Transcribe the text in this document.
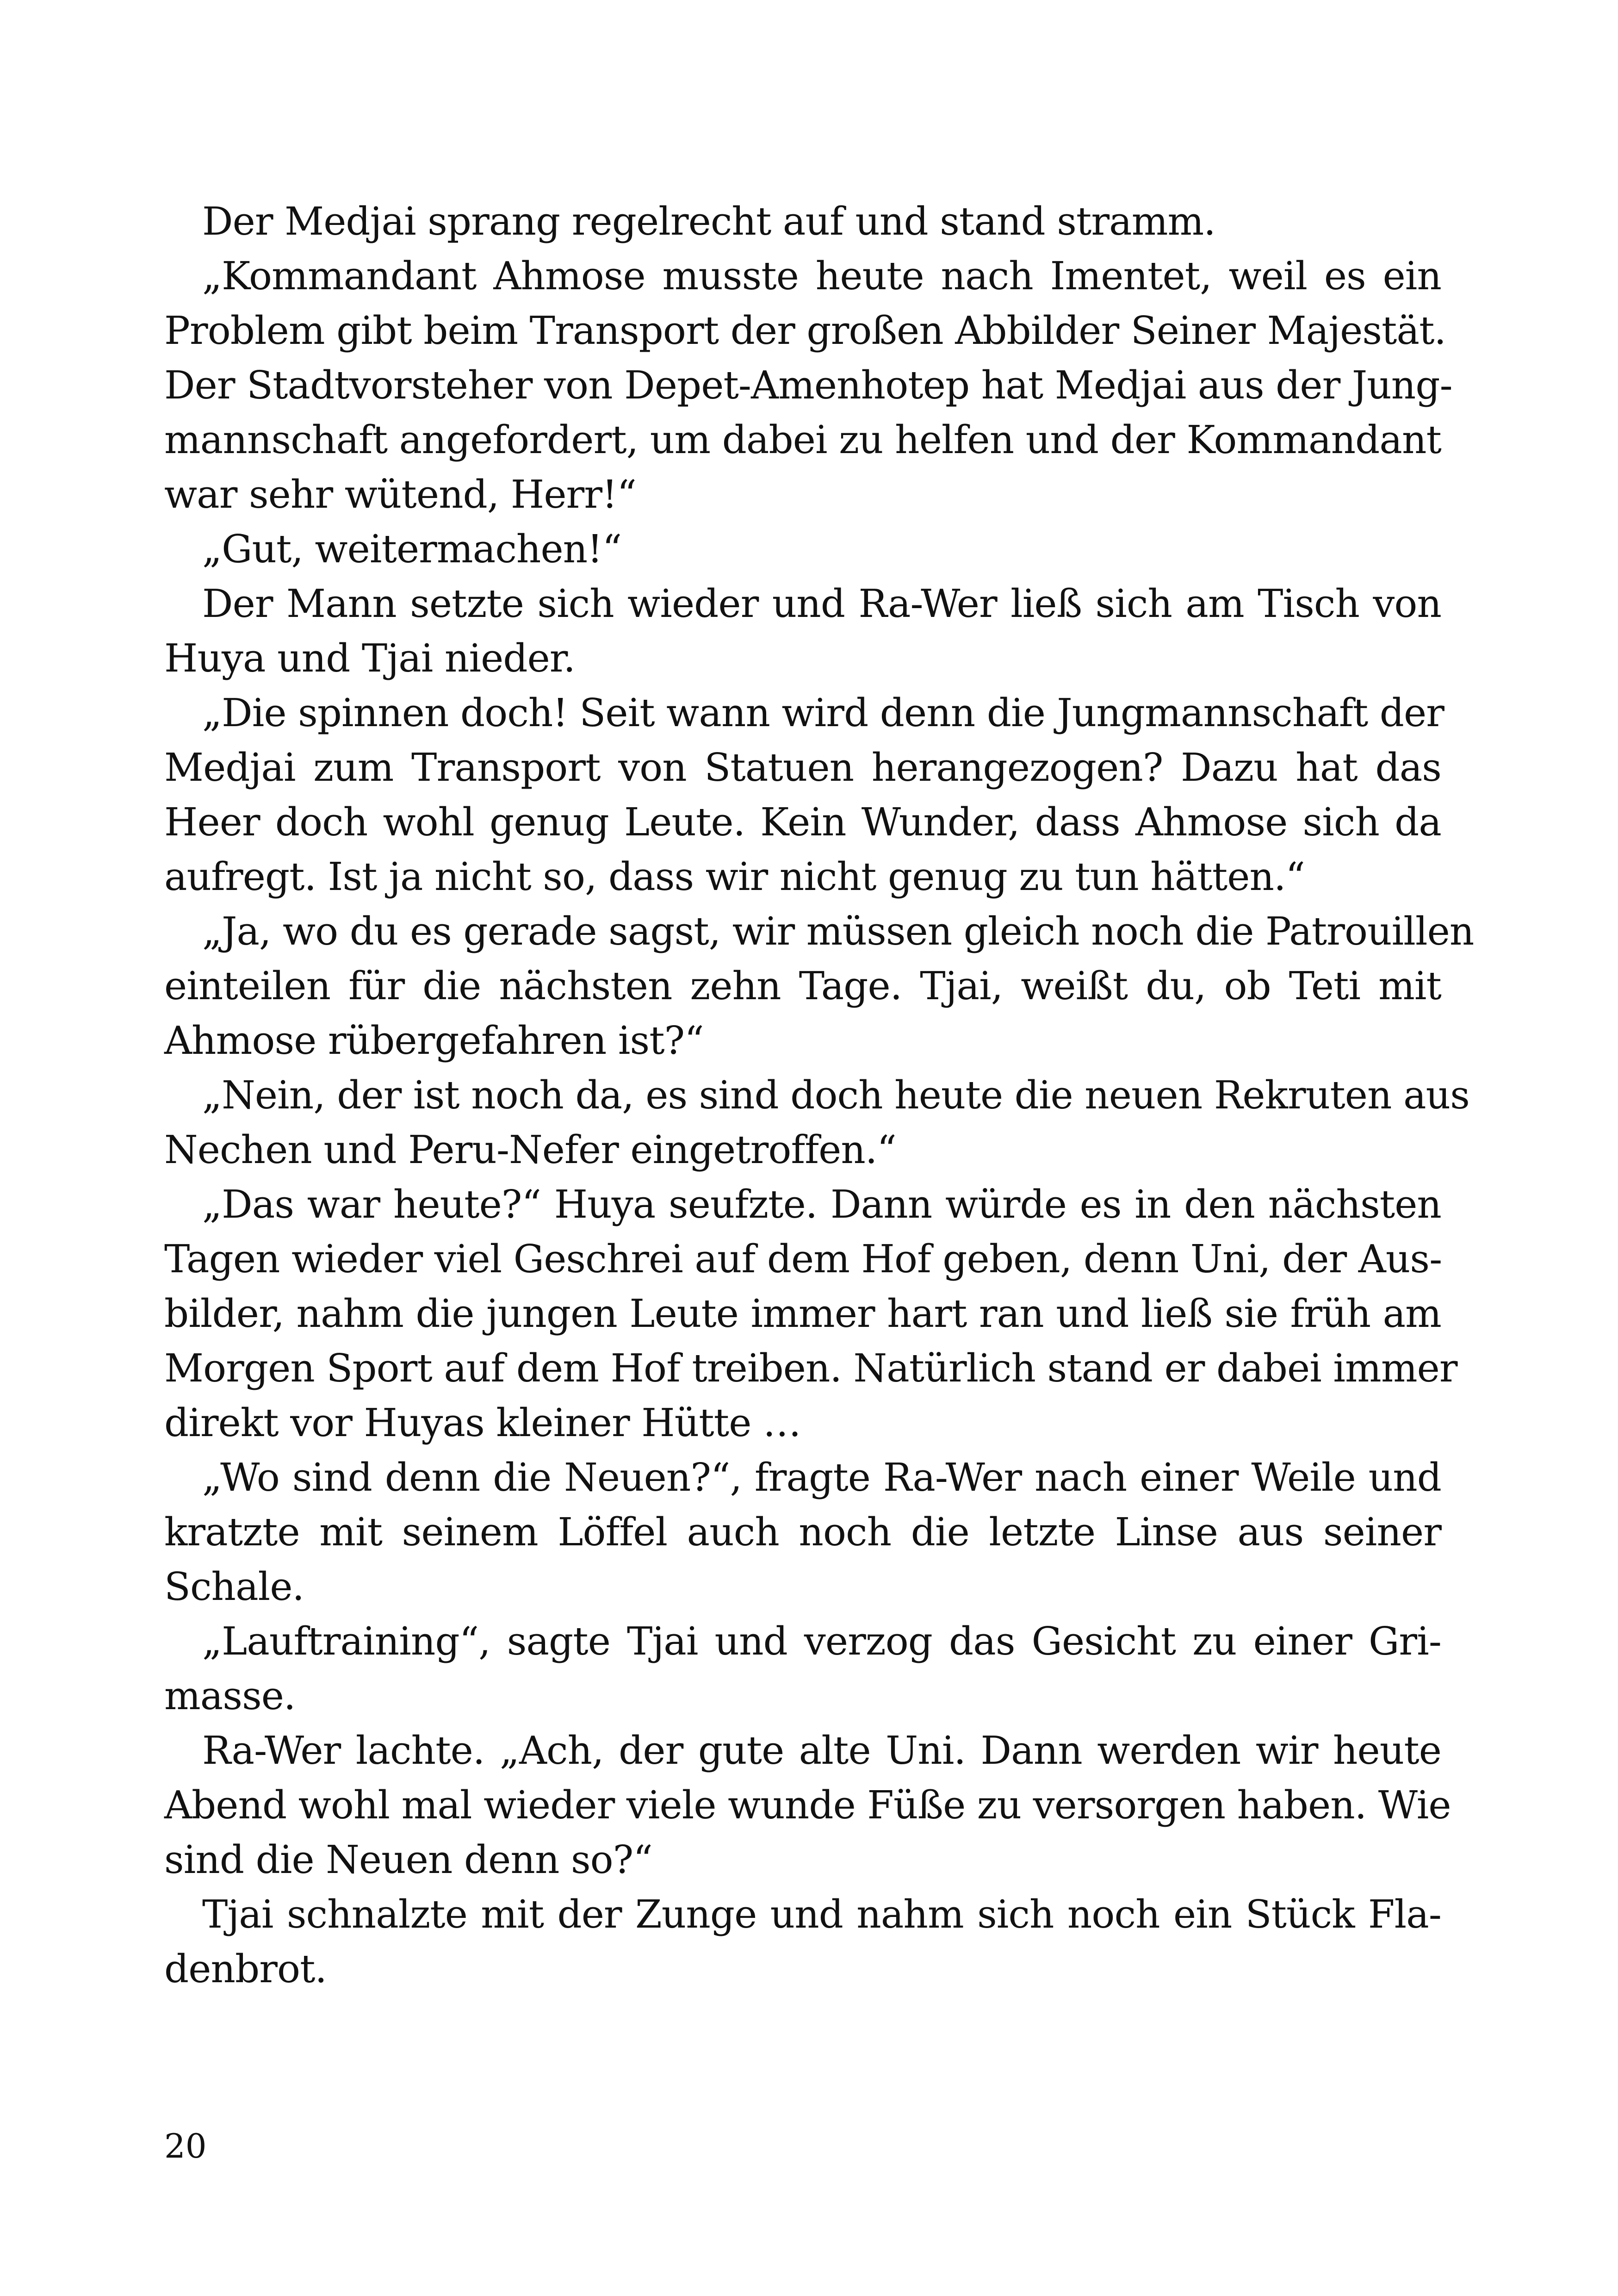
Der Medjai sprang regelrecht auf und stand stramm.
„Kommandant Ahmose musste heute nach Imentet, weil es ein
Problem gibt beim Transport der großen Abbilder Seiner Majestät.
Der Stadtvorsteher von Depet-Amenhotep hat Medjai aus der Jung-
mannschaft angefordert, um dabei zu helfen und der Kommandant
war sehr wütend, Herr!“
„Gut, weitermachen!“
Der Mann setzte sich wieder und Ra-Wer ließ sich am Tisch von
Huya und Tjai nieder.
„Die spinnen doch! Seit wann wird denn die Jungmannschaft der
Medjai zum Transport von Statuen herangezogen? Dazu hat das
Heer doch wohl genug Leute. Kein Wunder, dass Ahmose sich da
aufregt. Ist ja nicht so, dass wir nicht genug zu tun hätten.“
„Ja, wo du es gerade sagst, wir müssen gleich noch die Patrouillen
einteilen für die nächsten zehn Tage. Tjai, weißt du, ob Teti mit
Ahmose rübergefahren ist?“
„Nein, der ist noch da, es sind doch heute die neuen Rekruten aus
Nechen und Peru-Nefer eingetroffen.“
„Das war heute?“ Huya seufzte. Dann würde es in den nächsten
Tagen wieder viel Geschrei auf dem Hof geben, denn Uni, der Aus-
bilder, nahm die jungen Leute immer hart ran und ließ sie früh am
Morgen Sport auf dem Hof treiben. Natürlich stand er dabei immer
direkt vor Huyas kleiner Hütte …
„Wo sind denn die Neuen?“, fragte Ra-Wer nach einer Weile und
kratzte mit seinem Löffel auch noch die letzte Linse aus seiner
Schale.
„Lauftraining“, sagte Tjai und verzog das Gesicht zu einer Gri-
masse.
Ra-Wer lachte. „Ach, der gute alte Uni. Dann werden wir heute
Abend wohl mal wieder viele wunde Füße zu versorgen haben. Wie
sind die Neuen denn so?“
Tjai schnalzte mit der Zunge und nahm sich noch ein Stück Fla-
denbrot.
20
